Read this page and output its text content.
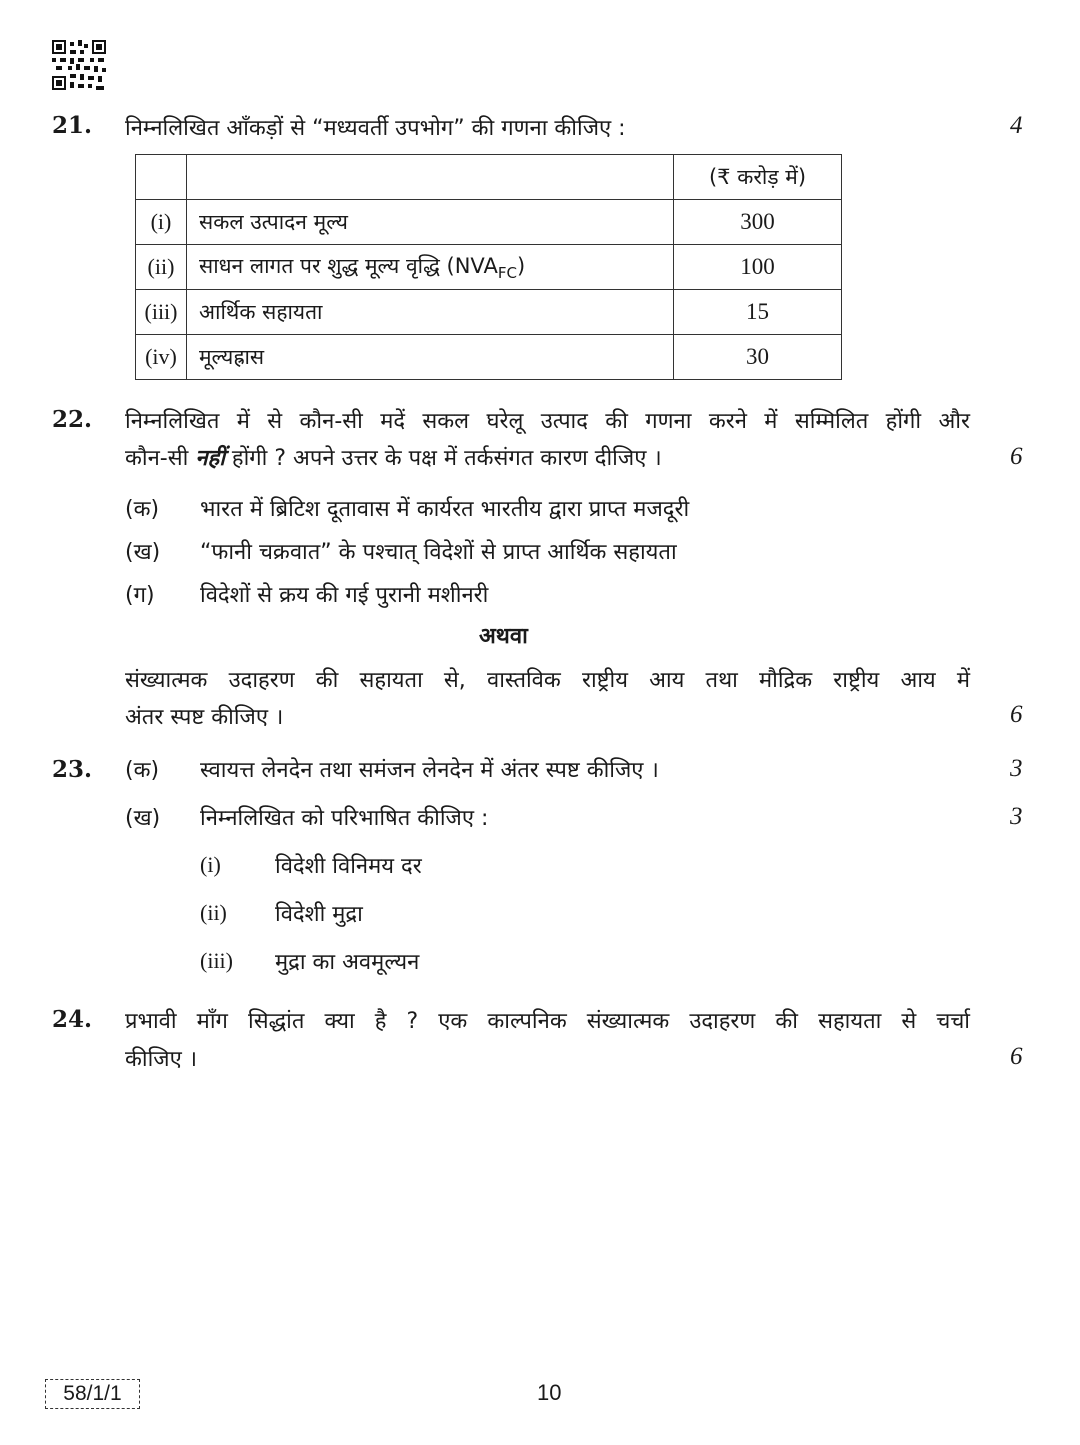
21. निम्नलिखित आँकड़ों से “मध्यवर्ती उपभोग” की गणना कीजिए :	4
		(₹ करोड़ में)
(i)	सकल उत्पादन मूल्य	300
(ii)	साधन लागत पर शुद्ध मूल्य वृद्धि $(NVA_{FC})$	100
(iii)	आर्थिक सहायता	15
(iv)	मूल्यह्रास	30
22. निम्नलिखित में से कौन-सी मदें सकल घरेलू उत्पाद की गणना करने में सम्मिलित होंगी और
कौन-सी नहीं होंगी ? अपने उत्तर के पक्ष में तर्कसंगत कारण दीजिए ।	6
(क) भारत में ब्रिटिश दूतावास में कार्यरत भारतीय द्वारा प्राप्त मजदूरी
(ख) “फानी चक्रवात” के पश्चात् विदेशों से प्राप्त आर्थिक सहायता
(ग) विदेशों से क्रय की गई पुरानी मशीनरी
अथवा
संख्यात्मक उदाहरण की सहायता से, वास्तविक राष्ट्रीय आय तथा मौद्रिक राष्ट्रीय आय में
अंतर स्पष्ट कीजिए ।	6
23. (क) स्वायत्त लेनदेन तथा समंजन लेनदेन में अंतर स्पष्ट कीजिए ।	3
(ख) निम्नलिखित को परिभाषित कीजिए :	3
(i) विदेशी विनिमय दर
(ii) विदेशी मुद्रा
(iii) मुद्रा का अवमूल्यन
24. प्रभावी माँग सिद्धांत क्या है ? एक काल्पनिक संख्यात्मक उदाहरण की सहायता से चर्चा
कीजिए ।	6
58/1/1	10
